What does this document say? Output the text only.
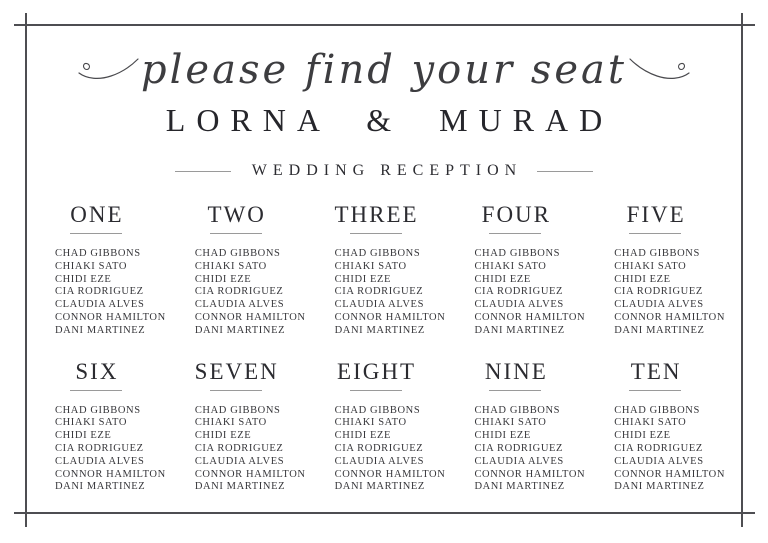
please find your seat
LORNA & MURAD
WEDDING RECEPTION
ONE
CHAD GIBBONS
CHIAKI SATO
CHIDI EZE
CIA RODRIGUEZ
CLAUDIA ALVES
CONNOR HAMILTON
DANI MARTINEZ
TWO
CHAD GIBBONS
CHIAKI SATO
CHIDI EZE
CIA RODRIGUEZ
CLAUDIA ALVES
CONNOR HAMILTON
DANI MARTINEZ
THREE
CHAD GIBBONS
CHIAKI SATO
CHIDI EZE
CIA RODRIGUEZ
CLAUDIA ALVES
CONNOR HAMILTON
DANI MARTINEZ
FOUR
CHAD GIBBONS
CHIAKI SATO
CHIDI EZE
CIA RODRIGUEZ
CLAUDIA ALVES
CONNOR HAMILTON
DANI MARTINEZ
FIVE
CHAD GIBBONS
CHIAKI SATO
CHIDI EZE
CIA RODRIGUEZ
CLAUDIA ALVES
CONNOR HAMILTON
DANI MARTINEZ
SIX
CHAD GIBBONS
CHIAKI SATO
CHIDI EZE
CIA RODRIGUEZ
CLAUDIA ALVES
CONNOR HAMILTON
DANI MARTINEZ
SEVEN
CHAD GIBBONS
CHIAKI SATO
CHIDI EZE
CIA RODRIGUEZ
CLAUDIA ALVES
CONNOR HAMILTON
DANI MARTINEZ
EIGHT
CHAD GIBBONS
CHIAKI SATO
CHIDI EZE
CIA RODRIGUEZ
CLAUDIA ALVES
CONNOR HAMILTON
DANI MARTINEZ
NINE
CHAD GIBBONS
CHIAKI SATO
CHIDI EZE
CIA RODRIGUEZ
CLAUDIA ALVES
CONNOR HAMILTON
DANI MARTINEZ
TEN
CHAD GIBBONS
CHIAKI SATO
CHIDI EZE
CIA RODRIGUEZ
CLAUDIA ALVES
CONNOR HAMILTON
DANI MARTINEZ
